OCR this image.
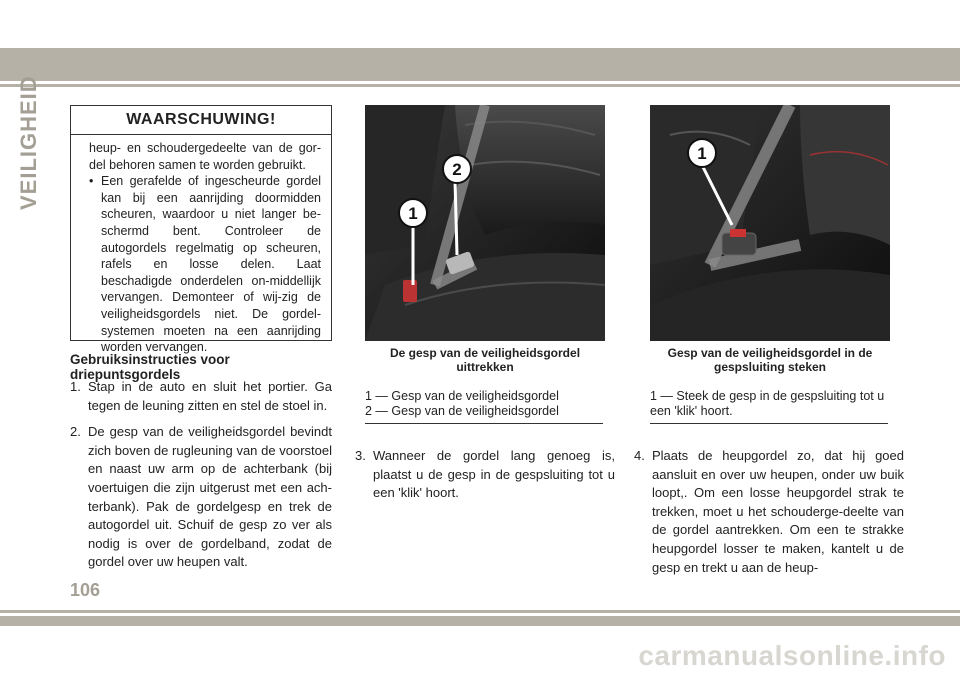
VEILIGHEID	WAARSCHUWING!

heup- en schoudergedeelte van de gor-del behoren samen te worden gebruikt.

• Een gerafelde of ingescheurde gordel kan bij een aanrijding doormidden scheuren, waardoor u niet langer be-schermd bent. Controleer de autogordels regelmatig op scheuren, rafels en losse delen. Laat beschadigde onderdelen on-middellijk vervangen. Demonteer of wij-zig de veiligheidsgordels niet. De gordel-systemen moeten na een aanrijding worden vervangen.
Gebruiksinstructies voor driepuntsgordels
1. Stap in de auto en sluit het portier. Ga tegen de leuning zitten en stel de stoel in.
2. De gesp van de veiligheidsgordel bevindt zich boven de rugleuning van de voorstoel en naast uw arm op de achterbank (bij voertuigen die zijn uitgerust met een ach-terbank). Pak de gordelgesp en trek de autogordel uit. Schuif de gesp zo ver als nodig is over de gordelband, zodat de gordel over uw heupen valt.
1
2
De gesp van de veiligheidsgordel uittrekken
1 — Gesp van de veiligheidsgordel
2 — Gesp van de veiligheidsgordel
1
Gesp van de veiligheidsgordel in de gespsluiting steken
1 — Steek de gesp in de gespsluiting tot u een 'klik' hoort.
3. Wanneer de gordel lang genoeg is, plaatst u de gesp in de gespsluiting tot u een 'klik' hoort.
4. Plaats de heupgordel zo, dat hij goed aansluit en over uw heupen, onder uw buik loopt,. Om een losse heupgordel strak te trekken, moet u het schouderge-deelte van de gordel aantrekken. Om een te strakke heupgordel losser te maken, kantelt u de gesp en trekt u aan de heup-
106
carmanualsonline.info
